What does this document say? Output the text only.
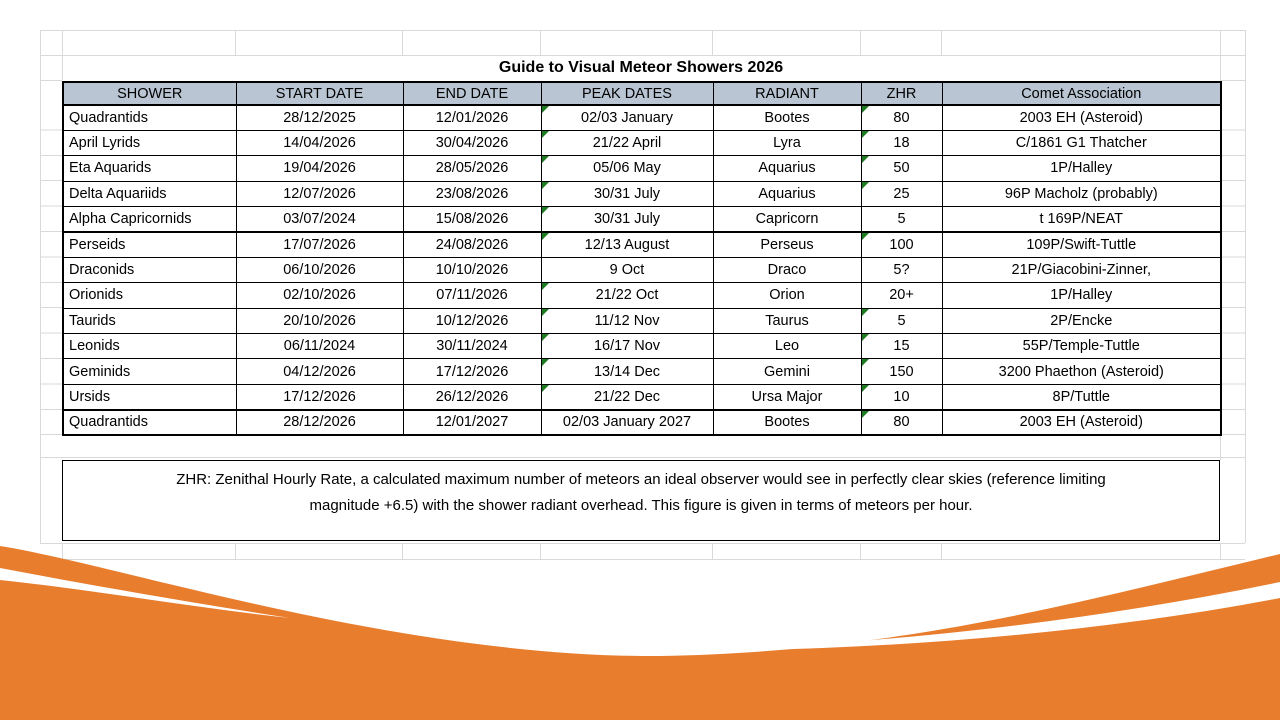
Guide to Visual Meteor Showers 2026
SHOWER	START DATE	END DATE	PEAK DATES	RADIANT	ZHR	Comet Association
Quadrantids	28/12/2025	12/01/2026	02/03 January	Bootes	80	2003 EH (Asteroid)
April Lyrids	14/04/2026	30/04/2026	21/22 April	Lyra	18	C/1861 G1 Thatcher
Eta Aquarids	19/04/2026	28/05/2026	05/06 May	Aquarius	50	1P/Halley
Delta Aquariids	12/07/2026	23/08/2026	30/31 July	Aquarius	25	96P Macholz (probably)
Alpha Capricornids	03/07/2024	15/08/2026	30/31 July	Capricorn	5	t 169P/NEAT
Perseids	17/07/2026	24/08/2026	12/13 August	Perseus	100	109P/Swift-Tuttle
Draconids	06/10/2026	10/10/2026	9 Oct	Draco	5?	21P/Giacobini-Zinner,
Orionids	02/10/2026	07/11/2026	21/22 Oct	Orion	20+	1P/Halley
Taurids	20/10/2026	10/12/2026	11/12 Nov	Taurus	5	2P/Encke
Leonids	06/11/2024	30/11/2024	16/17 Nov	Leo	15	55P/Temple-Tuttle
Geminids	04/12/2026	17/12/2026	13/14 Dec	Gemini	150	3200 Phaethon (Asteroid)
Ursids	17/12/2026	26/12/2026	21/22 Dec	Ursa Major	10	8P/Tuttle
Quadrantids	28/12/2026	12/01/2027	02/03 January 2027	Bootes	80	2003 EH (Asteroid)
ZHR: Zenithal Hourly Rate, a calculated maximum number of meteors an ideal observer would see in perfectly clear skies (reference limiting
magnitude +6.5) with the shower radiant overhead. This figure is given in terms of meteors per hour.
